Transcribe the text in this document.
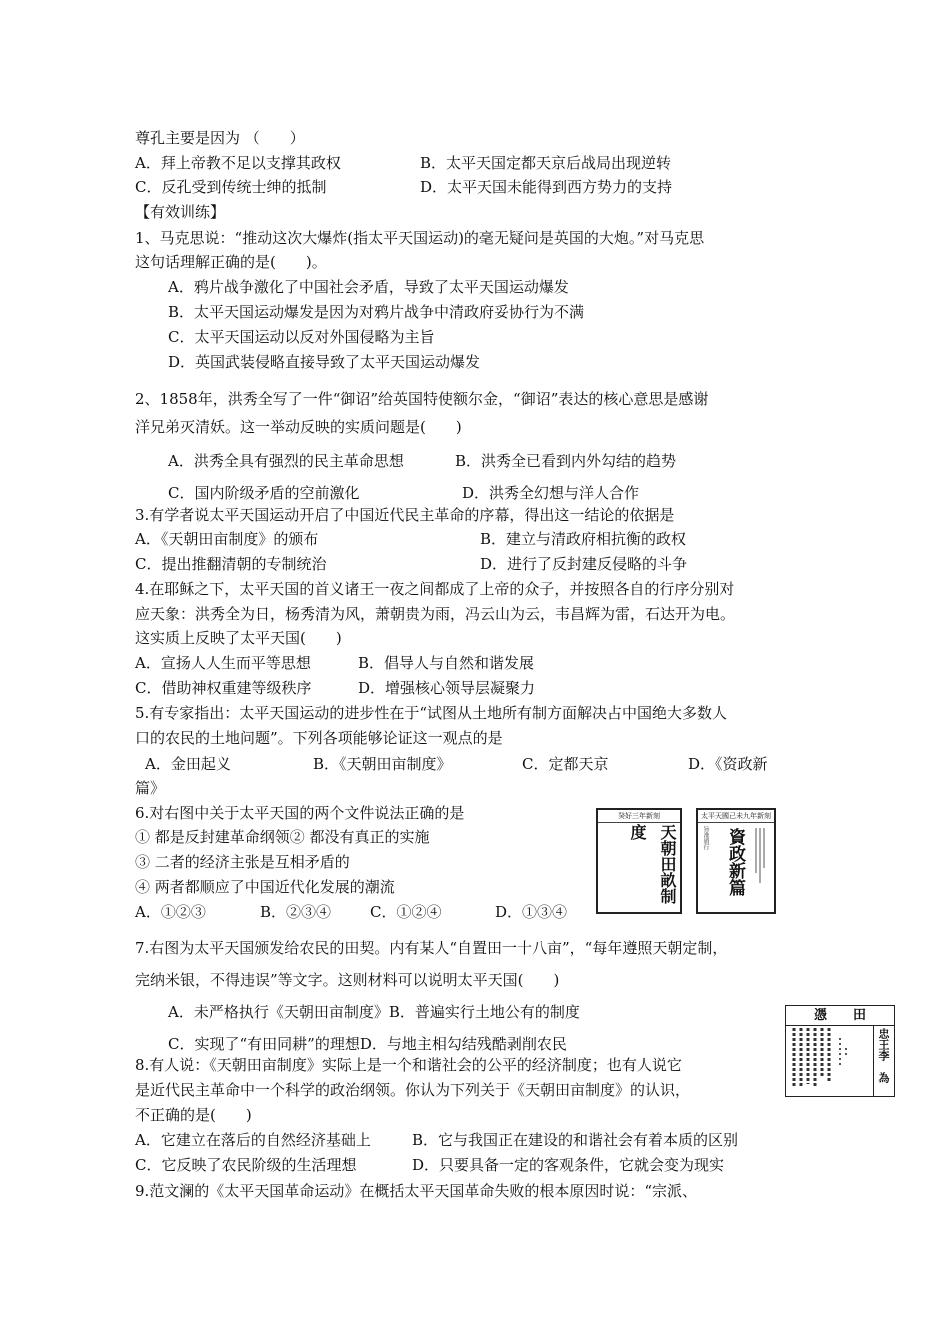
尊孔主要是因为 （　　）
A．拜上帝教不足以支撑其政权	B．太平天国定都天京后战局出现逆转
C．反孔受到传统士绅的抵制	D．太平天国未能得到西方势力的支持
【有效训练】
1、马克思说：“推动这次大爆炸(指太平天国运动)的毫无疑问是英国的大炮。”对马克思
这句话理解正确的是(　　)。
A．鸦片战争激化了中国社会矛盾，导致了太平天国运动爆发
B．太平天国运动爆发是因为对鸦片战争中清政府妥协行为不满
C．太平天国运动以反对外国侵略为主旨
D．英国武装侵略直接导致了太平天国运动爆发
2、1858年，洪秀全写了一件“御诏”给英国特使额尔金，“御诏”表达的核心意思是感谢
洋兄弟灭清妖。这一举动反映的实质问题是(　　)
A．洪秀全具有强烈的民主革命思想	B．洪秀全已看到内外勾结的趋势
C．国内阶级矛盾的空前激化	D．洪秀全幻想与洋人合作
3.有学者说太平天国运动开启了中国近代民主革命的序幕，得出这一结论的依据是
A．《天朝田亩制度》的颁布	B．建立与清政府相抗衡的政权
C．提出推翻清朝的专制统治	D．进行了反封建反侵略的斗争
4.在耶稣之下，太平天国的首义诸王一夜之间都成了上帝的众子，并按照各自的行序分别对
应天象：洪秀全为日，杨秀清为风，萧朝贵为雨，冯云山为云，韦昌辉为雷，石达开为电。
这实质上反映了太平天国(　　)
A．宣扬人人生而平等思想	B．倡导人与自然和谐发展
C．借助神权重建等级秩序	D．增强核心领导层凝聚力
5.有专家指出：太平天国运动的进步性在于“试图从土地所有制方面解决占中国绝大多数人
口的农民的土地问题”。下列各项能够论证这一观点的是
A．金田起义	B．《天朝田亩制度》	C．定都天京	D．《资政新
篇》
6.对右图中关于太平天国的两个文件说法正确的是
① 都是反封建革命纲领② 都没有真正的实施
③ 二者的经济主张是互相矛盾的
④ 两者都顺应了中国近代化发展的潮流
A．①②③	B．②③④	C．①②④	D．①③④
7.右图为太平天国颁发给农民的田契。内有某人“自置田一十八亩”，“每年遵照天朝定制，
完纳米银，不得违误”等文字。这则材料可以说明太平天国(　　)
A．未严格执行《天朝田亩制度》B．普遍实行土地公有的制度
C．实现了“有田同耕”的理想D．与地主相勾结残酷剥削农民
8.有人说：《天朝田亩制度》实际上是一个和谐社会的公平的经济制度；也有人说它
是近代民主革命中一个科学的政治纲领。你认为下列关于《天朝田亩制度》的认识，
不正确的是(　　)
A．它建立在落后的自然经济基础上	B．它与我国正在建设的和谐社会有着本质的区别
C．它反映了农民阶级的生活理想	D．只要具备一定的客观条件，它就会变为现实
9.范文澜的《太平天国革命运动》在概括太平天国革命失败的根本原因时说：“宗派、
癸好三年新刻
天朝田畝制度
太平天國己未九年新刻
旨准頒行 資政新篇
憑　　田
忠王李　為
